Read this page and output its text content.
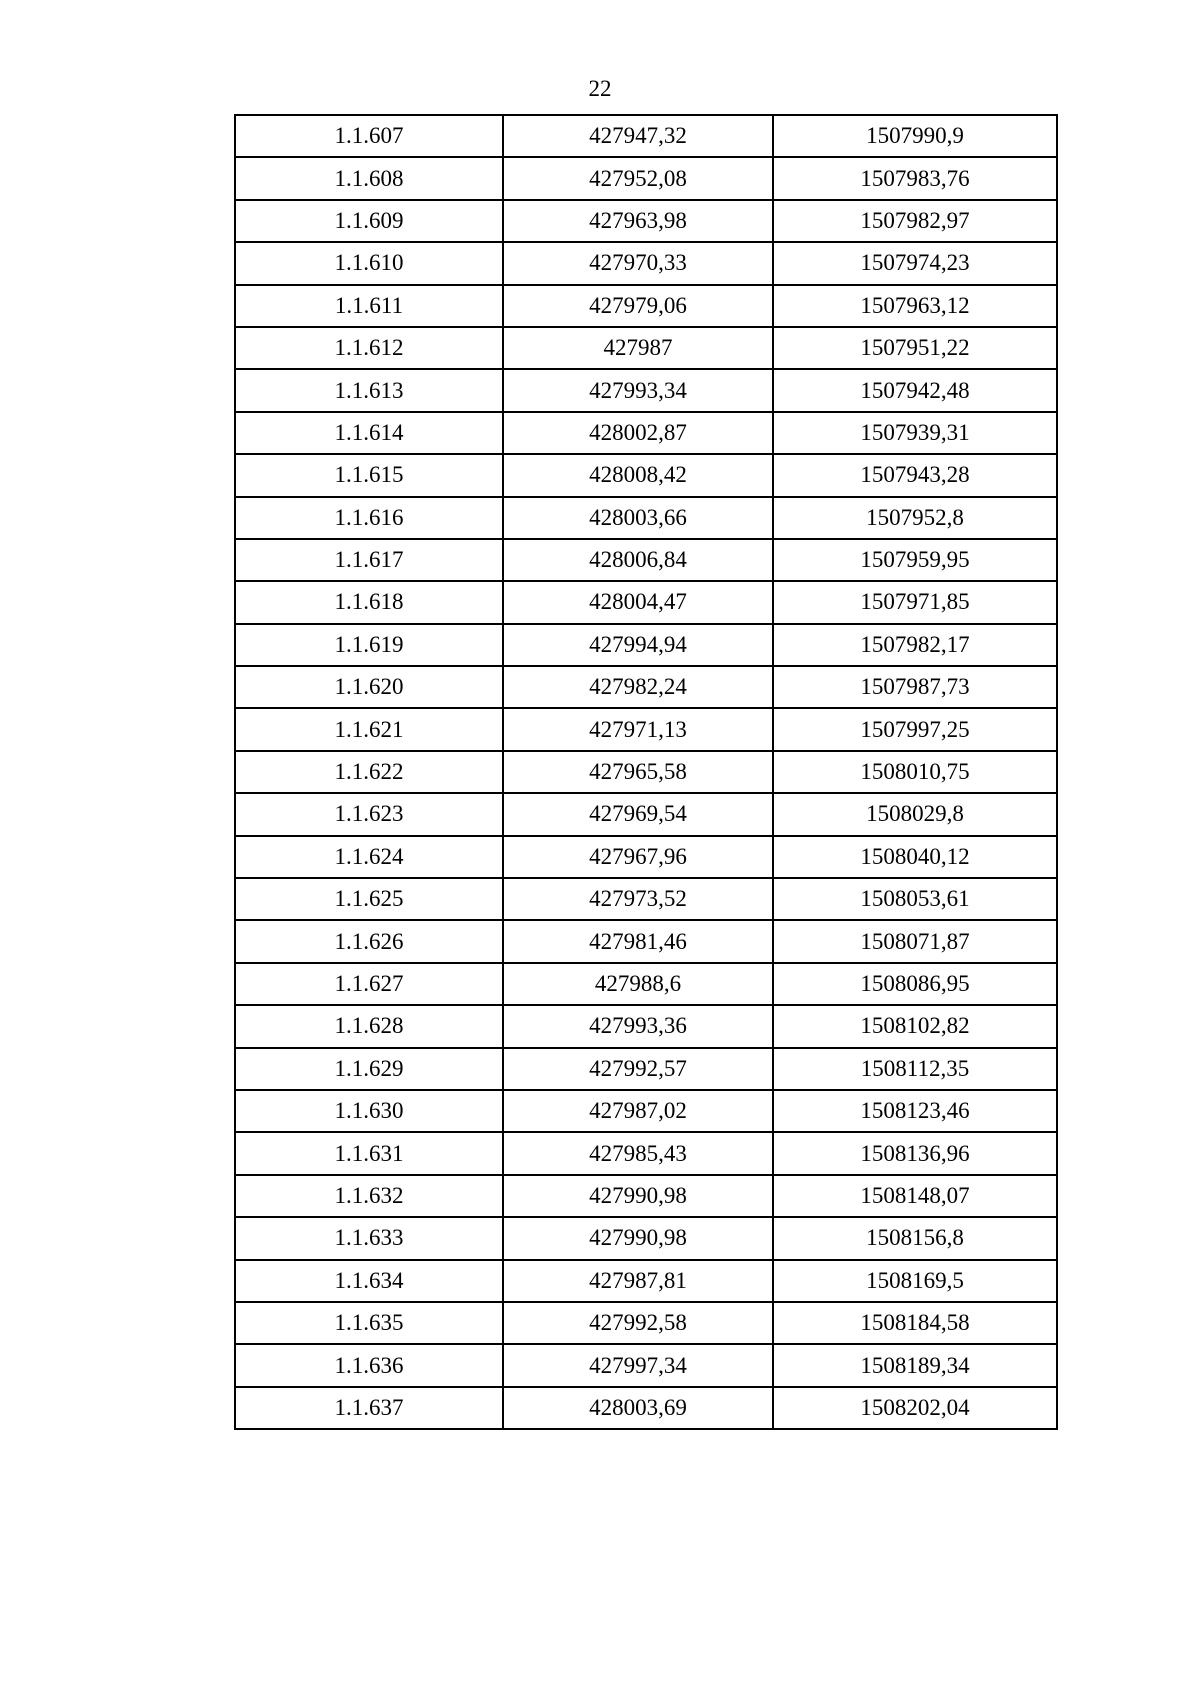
22
1.1.607	427947,32	1507990,9
1.1.608	427952,08	1507983,76
1.1.609	427963,98	1507982,97
1.1.610	427970,33	1507974,23
1.1.611	427979,06	1507963,12
1.1.612	427987	1507951,22
1.1.613	427993,34	1507942,48
1.1.614	428002,87	1507939,31
1.1.615	428008,42	1507943,28
1.1.616	428003,66	1507952,8
1.1.617	428006,84	1507959,95
1.1.618	428004,47	1507971,85
1.1.619	427994,94	1507982,17
1.1.620	427982,24	1507987,73
1.1.621	427971,13	1507997,25
1.1.622	427965,58	1508010,75
1.1.623	427969,54	1508029,8
1.1.624	427967,96	1508040,12
1.1.625	427973,52	1508053,61
1.1.626	427981,46	1508071,87
1.1.627	427988,6	1508086,95
1.1.628	427993,36	1508102,82
1.1.629	427992,57	1508112,35
1.1.630	427987,02	1508123,46
1.1.631	427985,43	1508136,96
1.1.632	427990,98	1508148,07
1.1.633	427990,98	1508156,8
1.1.634	427987,81	1508169,5
1.1.635	427992,58	1508184,58
1.1.636	427997,34	1508189,34
1.1.637	428003,69	1508202,04
